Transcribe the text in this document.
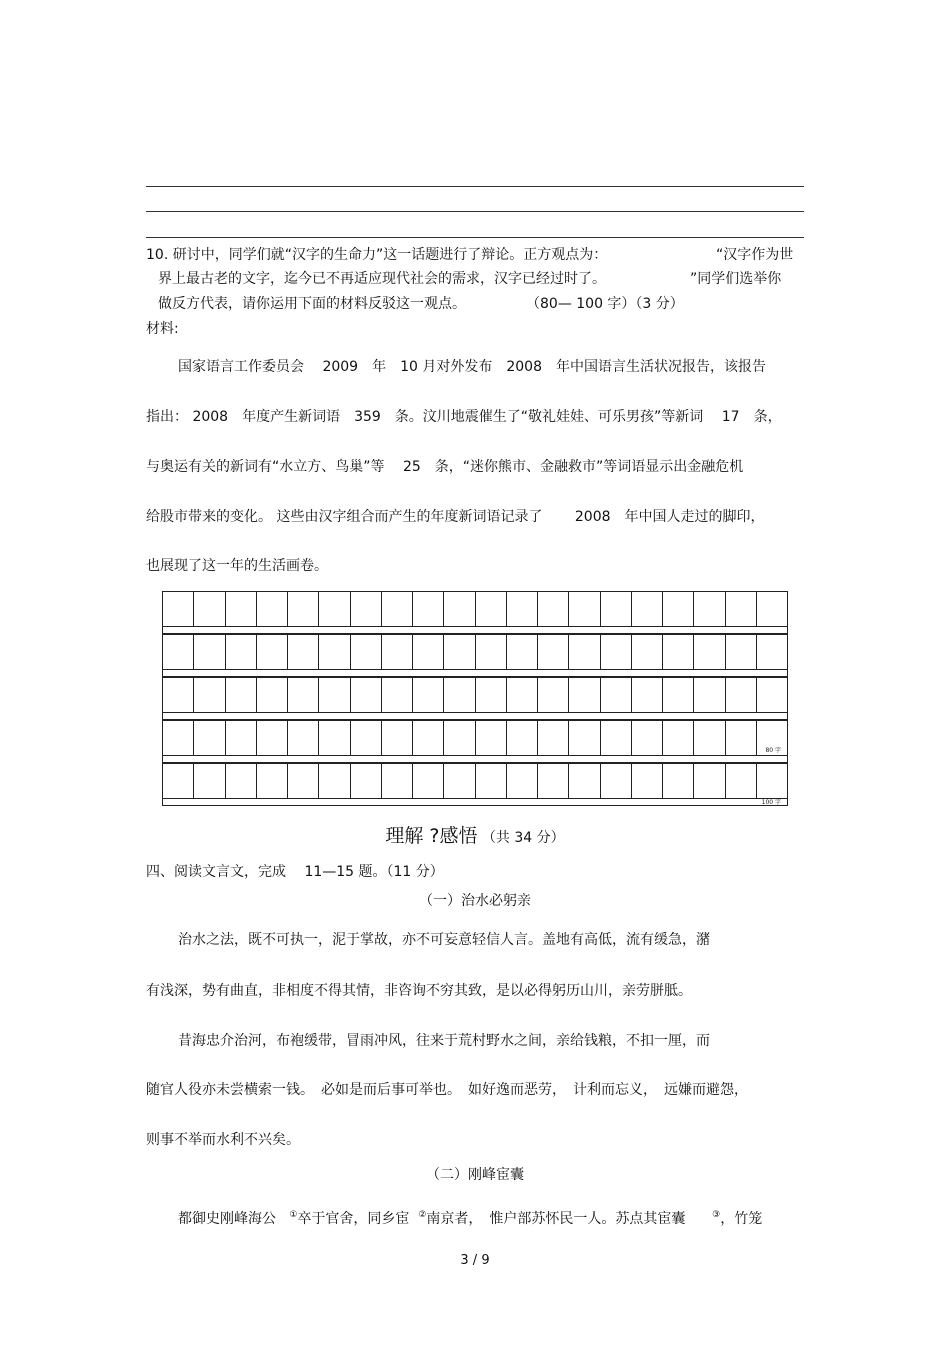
10. 研讨中，同学们就“汉字的生命力”这一话题进行了辩论。正方观点为：	“汉字作为世
界上最古老的文字，迄今已不再适应现代社会的需求，汉字已经过时了。	”同学们选举你
做反方代表，请你运用下面的材料反驳这一观点。	（80— 100 字）（3 分）
材料:
国家语言工作委员会　 2009　年　10 月对外发布　2008　年中国语言生活状况报告，该报告
指出： 2008　年度产生新词语　359　条。汶川地震催生了“敬礼娃娃、可乐男孩”等新词　 17　条，
与奥运有关的新词有“水立方、鸟巢”等　 25　条，“迷你熊市、金融救市”等词语显示出金融危机
给股市带来的变化。 这些由汉字组合而产生的年度新词语记录了　　 2008　年中国人走过的脚印，
也展现了这一年的生活画卷。
80 字
100 字
理解 ?感悟 （共 34 分）
四、阅读文言文，完成　 11—15 题。（11 分）
（一）治水必躬亲
治水之法，既不可执一，泥于掌故，亦不可妄意轻信人言。盖地有高低，流有缓急，潴
有浅深，势有曲直，非相度不得其情，非咨询不穷其致，是以必得躬历山川，亲劳胼胝。
昔海忠介治河，布袍缓带，冒雨冲风，往来于荒村野水之间，亲给钱粮，不扣一厘，而
随官人役亦未尝横索一钱。　必如是而后事可举也。　如好逸而恶劳，　计利而忘义，　远嫌而避怨，
则事不举而水利不兴矣。
（二）刚峰宦囊
都御史刚峰海公 ①卒于官舍，同乡宦 ②南京者，　惟户部苏怀民一人。苏点其宦囊	③，竹笼
3 / 9
